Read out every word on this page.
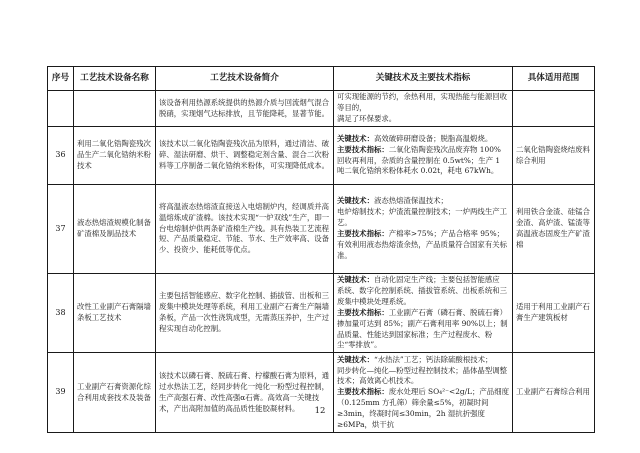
序号	工艺技术设备名称	工艺技术设备简介	关键技术及主要技术指标	具体适用范围
		该设备利用热源系统提供的热源介质与回流烟气混合脱硝，实现烟气达标排放，且节能降耗，显著节能。	可实现能源的节约，余热利用，实现热能与能源回收等目的，
满足了环保要求。	

36	利用二氧化锆陶瓷残次品生产二氧化锆纳米粉技术	该技术以二氧化锆陶瓷残次品为原料，通过清洁、破碎、湿法研磨、烘干、调整稳定剂含量、混合二次粉料等工序制备二氧化锆纳米粉体，可实现降低成本。	关键技术：高效破碎研磨设备；脱脂高温煅烧。
主要技术指标：二氧化锆陶瓷残次品废弃物 100%
回收再利用，杂质的含量控制在 0.5wt%；生产 1
吨二氧化锆纳米粉体耗水 0.02t，耗电 67kWh。	二氧化锆陶瓷烧结废料综合利用
37	液态热熔渣规模化制备矿渣棉及制品技术	将高温液态热熔渣直接送入电熔制炉内，经调质并高温熔炼成矿渣棉。该技术实现“一炉双线”生产，即一台电熔制炉供两条矿渣棉生产线。具有热装工艺流程短、产品质量稳定、节能、节水、生产效率高、设备少、投资少、能耗低等优点。	关键技术：液态热熔渣保温技术；
电炉熔制技术；炉渣流量控制技术；一炉两线生产工艺。
主要技术指标：产棉率>75%；产品合格率 95%；
有效利用液态热熔渣余热，产品质量符合国家有关标准。	利用铁合金渣、硅锰合金渣、高炉渣、锰渣等高温液态固废生产矿渣棉
38	改性工业副产石膏隔墙条板工艺技术	主要包括智能感应、数字化控制、插拔管、出板和三废集中模块处理等系统，利用工业副产石膏生产隔墙条板，产品一次性浇筑成型，无需蒸压养护，生产过程实现自动化控制。	关键技术：自动化固定生产线；主要包括智能感应
系统、数字化控制系统、插拔管系统、出板系统和三废集中模块处理系统。
主要技术指标：工业副产石膏（磷石膏、脱硫石膏）掺加量可达到 85%；副产石膏利用率 90%以上；制品质量、性能达到国家标准；生产过程废水、粉尘“零排放”。	适用于利用工业副产石膏生产建筑板材
39	工业副产石膏资源化综合利用成套技术及装备	该技术以磷石膏、脱硫石膏、柠檬酸石膏为原料，通过水热法工艺，经同步转化一纯化一粉型过程控制，生产高强石膏、改性高强α石膏。高效高一关键技术，产出高附加值的高品质性能胶凝材料。	关键技术：“水热法”工艺；钙法除硫酸根技术；
同步转化—纯化—粉型过程控制技术；晶体晶型调整技术；高效离心机技术。
主要技术指标：废水处理后 SO₄²⁻<2g/L；产品细度（0.125mm 方孔筛）筛余量≤5%，初凝时间≥3min，终凝时间≤30min，2h 湿抗折强度≥6MPa，烘干抗	工业副产石膏综合利用
12
